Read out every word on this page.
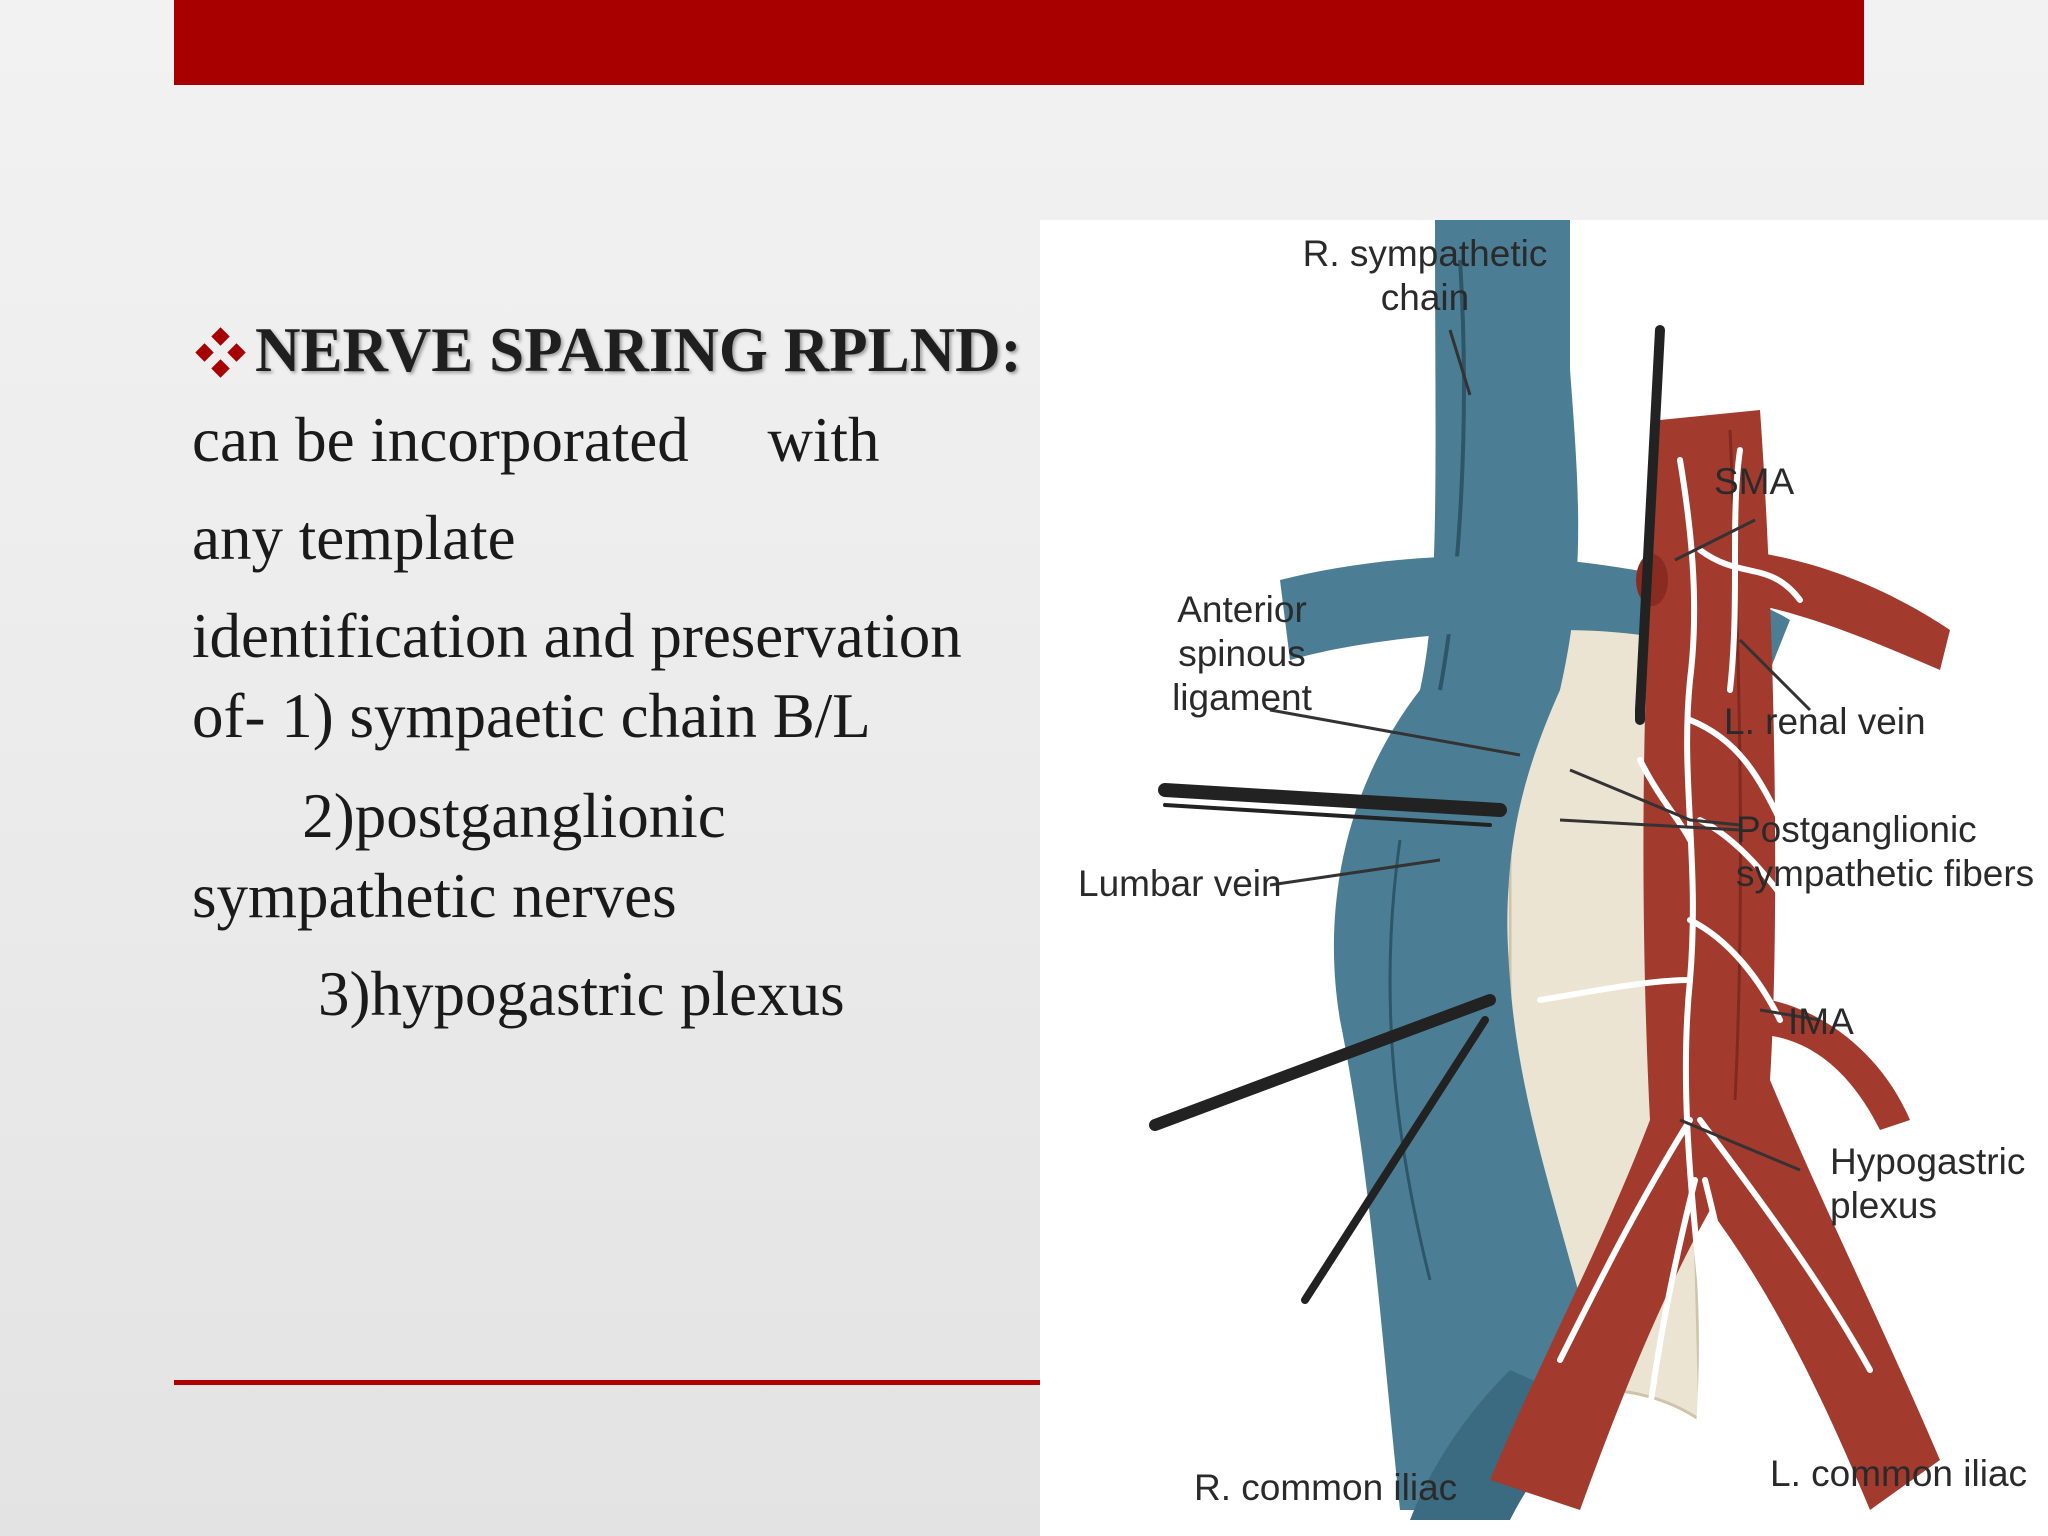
NERVE SPARING RPLND:

can be incorporated     with

any template

identification and preservation

of- 1) sympaetic chain B/L

2)postganglionic

sympathetic nerves

3)hypogastric plexus

R. sympathetic
chain
SMA
Anterior
spinous
ligament
L. renal vein
Postganglionic
sympathetic fibers
Lumbar vein
IMA
Hypogastric
plexus
R. common iliac	L. common iliac
